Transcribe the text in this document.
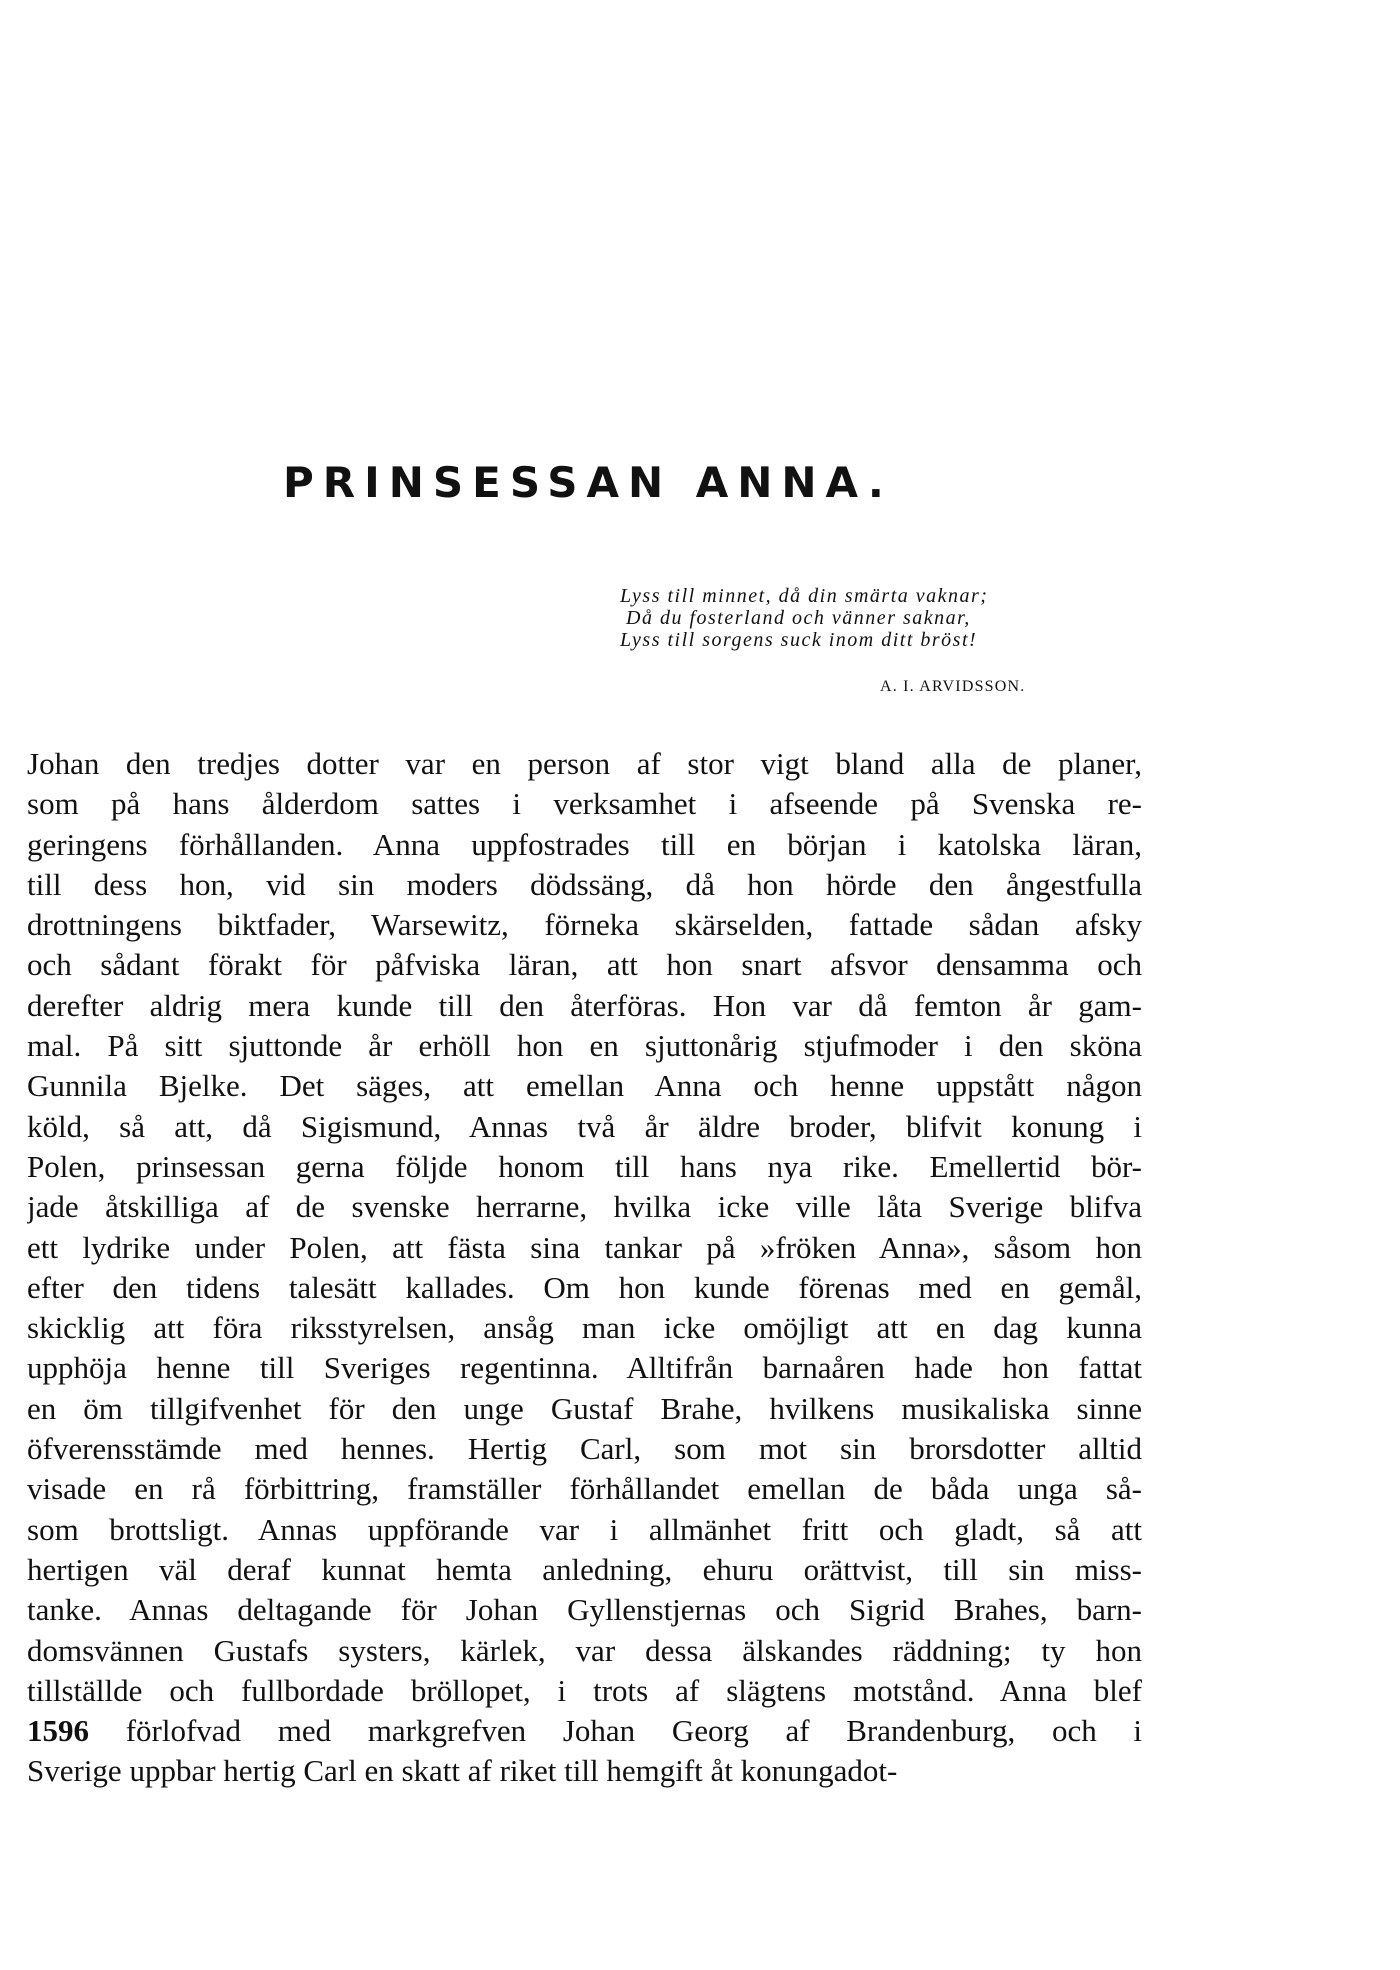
PRINSESSAN ANNA.
Lyss till minnet, då din smärta vaknar;
Då du fosterland och vänner saknar,
Lyss till sorgens suck inom ditt bröst!

A. I. ARVIDSSON.

Johan den tredjes dotter var en person af stor vigt bland alla de planer,
som på hans ålderdom sattes i verksamhet i afseende på Svenska re-
geringens förhållanden. Anna uppfostrades till en början i katolska läran,
till dess hon, vid sin moders dödssäng, då hon hörde den ångestfulla
drottningens biktfader, Warsewitz, förneka skärselden, fattade sådan afsky
och sådant förakt för påfviska läran, att hon snart afsvor densamma och
derefter aldrig mera kunde till den återföras. Hon var då femton år gam-
mal. På sitt sjuttonde år erhöll hon en sjuttonårig stjufmoder i den sköna
Gunnila Bjelke. Det säges, att emellan Anna och henne uppstått någon
köld, så att, då Sigismund, Annas två år äldre broder, blifvit konung i
Polen, prinsessan gerna följde honom till hans nya rike. Emellertid bör-
jade åtskilliga af de svenske herrarne, hvilka icke ville låta Sverige blifva
ett lydrike under Polen, att fästa sina tankar på »fröken Anna», såsom hon
efter den tidens talesätt kallades. Om hon kunde förenas med en gemål,
skicklig att föra riksstyrelsen, ansåg man icke omöjligt att en dag kunna
upphöja henne till Sveriges regentinna. Alltifrån barnaåren hade hon fattat
en öm tillgifvenhet för den unge Gustaf Brahe, hvilkens musikaliska sinne
öfverensstämde med hennes. Hertig Carl, som mot sin brorsdotter alltid
visade en rå förbittring, framställer förhållandet emellan de båda unga så-
som brottsligt. Annas uppförande var i allmänhet fritt och gladt, så att
hertigen väl deraf kunnat hemta anledning, ehuru orättvist, till sin miss-
tanke. Annas deltagande för Johan Gyllenstjernas och Sigrid Brahes, barn-
domsvännen Gustafs systers, kärlek, var dessa älskandes räddning; ty hon
tillställde och fullbordade bröllopet, i trots af slägtens motstånd. Anna blef
1596 förlofvad med markgrefven Johan Georg af Brandenburg, och i
Sverige uppbar hertig Carl en skatt af riket till hemgift åt konungadot-
